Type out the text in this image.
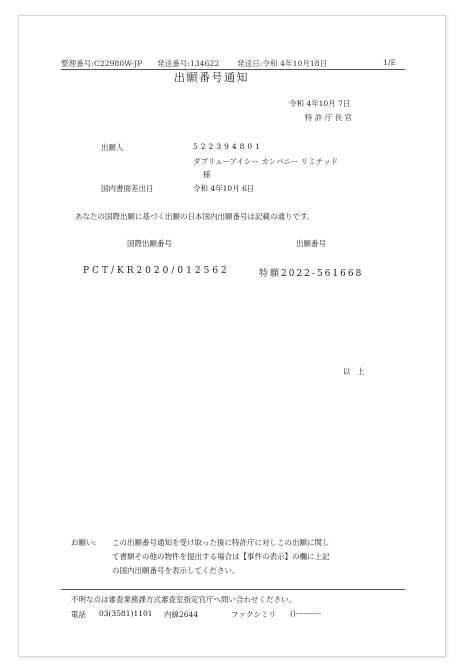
整理番号:C22980W-JP 発送番号:134622 発送日:令和 4年10月18日	1/E
出願番号通知
令和 4年10月 7日
特 許 庁 長 官
出願人	522394801
ダブリューアイシー カンパニー リミテッド
様
国内書面差出日	令和 4年10月 6日
あなたの国際出願に基づく出願の日本国内出願番号は記載の通りです。
国際出願番号	出願番号
PCT/KR2020/012562	特願2022-561668
以 上
お願い: この出願番号通知を受け取った後に特許庁に対しこの出願に関し
て書類その他の物件を提出する場合は【事件の表示】の欄に上記
の国内出願番号を表示してください。
不明な点は審査業務課方式審査室指定官庁へ問い合わせください。
電話 03(3581)1101 内線2644	ファクシミリ ()----------
